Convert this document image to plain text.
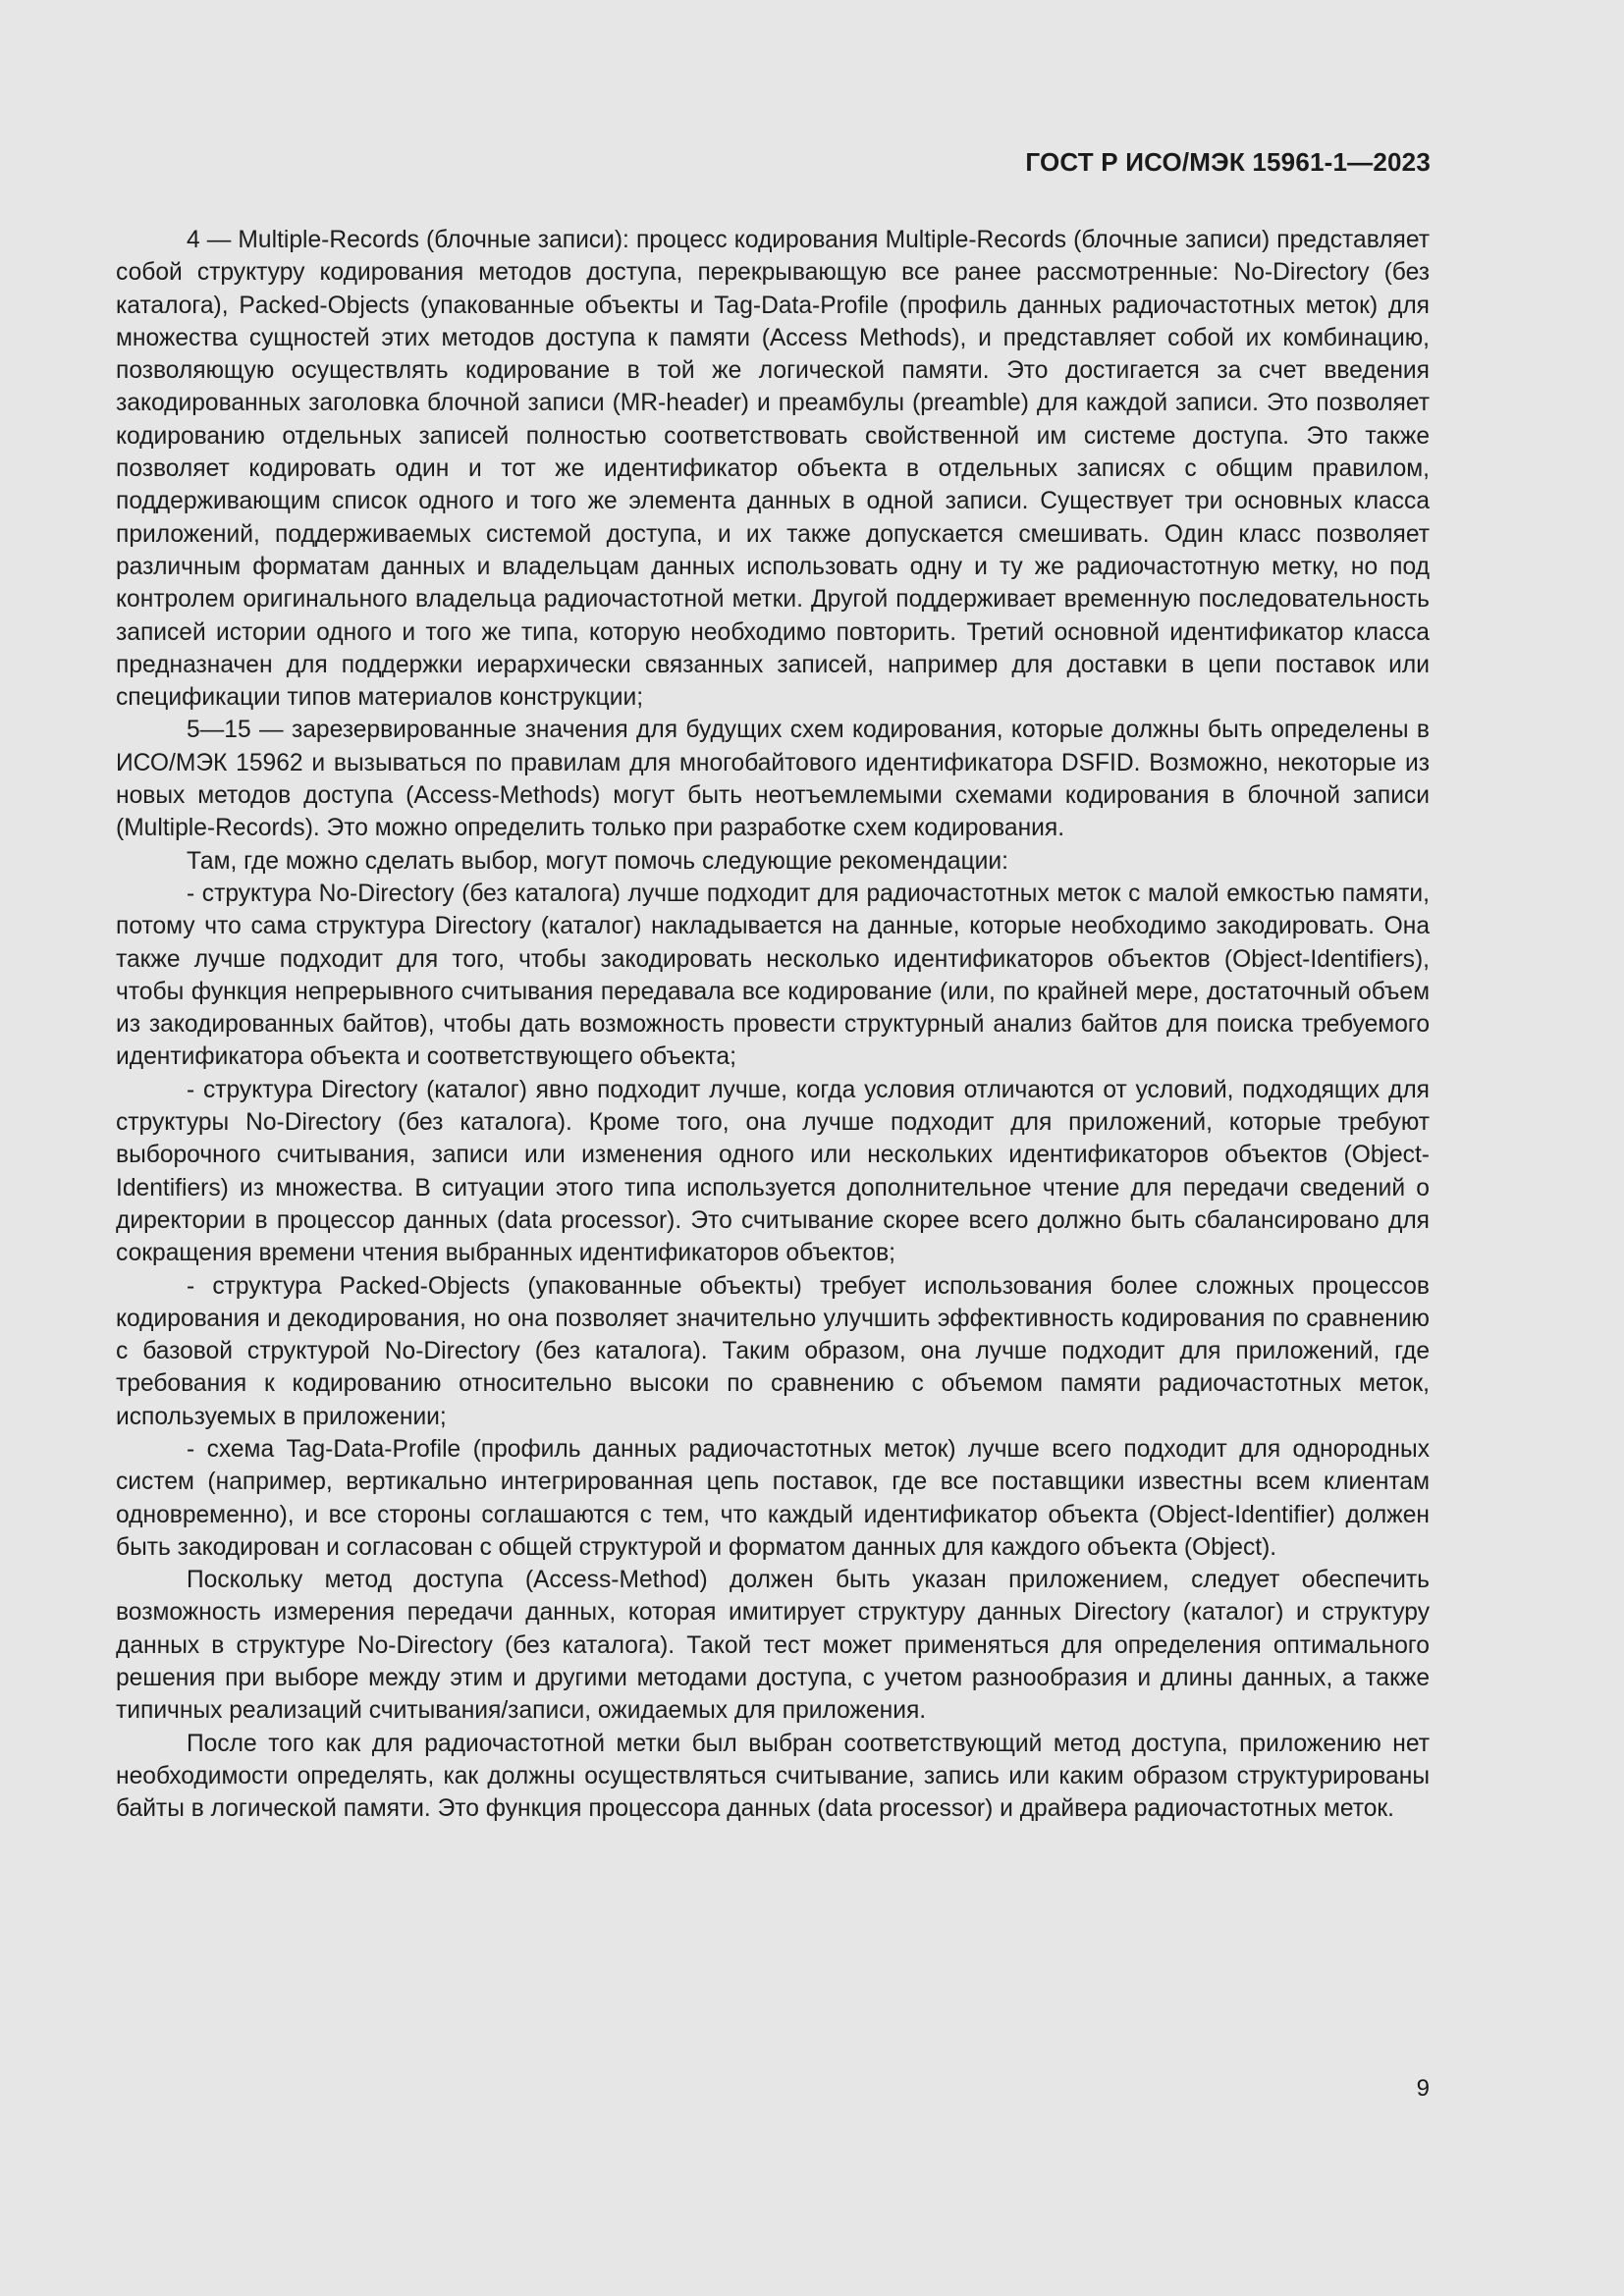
ГОСТ Р ИСО/МЭК 15961-1—2023

4 — Multiple-Records (блочные записи): процесс кодирования Multiple-Records (блочные записи) представляет собой структуру кодирования методов доступа, перекрывающую все ранее рассмотренные: No-Directory (без каталога), Packed-Objects (упакованные объекты и Tag-Data-Profile (профиль данных радиочастотных меток) для множества сущностей этих методов доступа к памяти (Access Methods), и представляет собой их комбинацию, позволяющую осуществлять кодирование в той же логической памяти. Это достигается за счет введения закодированных заголовка блочной записи (MR-header) и преамбулы (preamble) для каждой записи. Это позволяет кодированию отдельных записей полностью соответствовать свойственной им системе доступа. Это также позволяет кодировать один и тот же идентификатор объекта в отдельных записях с общим правилом, поддерживающим список одного и того же элемента данных в одной записи. Существует три основных класса приложений, поддерживаемых системой доступа, и их также допускается смешивать. Один класс позволяет различным форматам данных и владельцам данных использовать одну и ту же радиочастотную метку, но под контролем оригинального владельца радиочастотной метки. Другой поддерживает временную последовательность записей истории одного и того же типа, которую необходимо повторить. Третий основной идентификатор класса предназначен для поддержки иерархически связанных записей, например для доставки в цепи поставок или спецификации типов материалов конструкции;

5—15 — зарезервированные значения для будущих схем кодирования, которые должны быть определены в ИСО/МЭК 15962 и вызываться по правилам для многобайтового идентификатора DSFID. Возможно, некоторые из новых методов доступа (Access-Methods) могут быть неотъемлемыми схемами кодирования в блочной записи (Multiple-Records). Это можно определить только при разработке схем кодирования.

Там, где можно сделать выбор, могут помочь следующие рекомендации:

- структура No-Directory (без каталога) лучше подходит для радиочастотных меток с малой емкостью памяти, потому что сама структура Directory (каталог) накладывается на данные, которые необходимо закодировать. Она также лучше подходит для того, чтобы закодировать несколько идентификаторов объектов (Object-Identifiers), чтобы функция непрерывного считывания передавала все кодирование (или, по крайней мере, достаточный объем из закодированных байтов), чтобы дать возможность провести структурный анализ байтов для поиска требуемого идентификатора объекта и соответствующего объекта;

- структура Directory (каталог) явно подходит лучше, когда условия отличаются от условий, подходящих для структуры No-Directory (без каталога). Кроме того, она лучше подходит для приложений, которые требуют выборочного считывания, записи или изменения одного или нескольких идентификаторов объектов (Object-Identifiers) из множества. В ситуации этого типа используется дополнительное чтение для передачи сведений о директории в процессор данных (data processor). Это считывание скорее всего должно быть сбалансировано для сокращения времени чтения выбранных идентификаторов объектов;

- структура Packed-Objects (упакованные объекты) требует использования более сложных процессов кодирования и декодирования, но она позволяет значительно улучшить эффективность кодирования по сравнению с базовой структурой No-Directory (без каталога). Таким образом, она лучше подходит для приложений, где требования к кодированию относительно высоки по сравнению с объемом памяти радиочастотных меток, используемых в приложении;

- схема Tag-Data-Profile (профиль данных радиочастотных меток) лучше всего подходит для однородных систем (например, вертикально интегрированная цепь поставок, где все поставщики известны всем клиентам одновременно), и все стороны соглашаются с тем, что каждый идентификатор объекта (Object-Identifier) должен быть закодирован и согласован с общей структурой и форматом данных для каждого объекта (Object).

Поскольку метод доступа (Access-Method) должен быть указан приложением, следует обеспечить возможность измерения передачи данных, которая имитирует структуру данных Directory (каталог) и структуру данных в структуре No-Directory (без каталога). Такой тест может применяться для определения оптимального решения при выборе между этим и другими методами доступа, с учетом разнообразия и длины данных, а также типичных реализаций считывания/записи, ожидаемых для приложения.

После того как для радиочастотной метки был выбран соответствующий метод доступа, приложению нет необходимости определять, как должны осуществляться считывание, запись или каким образом структурированы байты в логической памяти. Это функция процессора данных (data processor) и драйвера радиочастотных меток.

9
